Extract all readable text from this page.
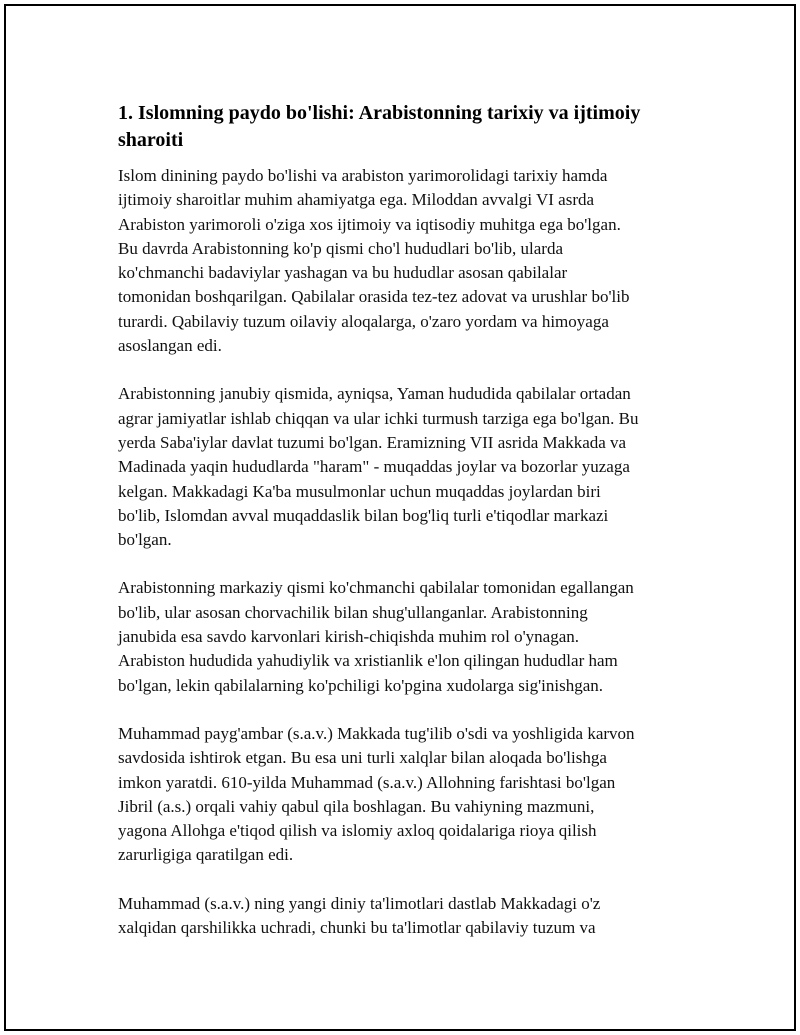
1. Islomning paydo bo'lishi: Arabistonning tarixiy va ijtimoiy
sharoiti

Islom dinining paydo bo'lishi va arabiston yarimorolidagi tarixiy hamda
ijtimoiy sharoitlar muhim ahamiyatga ega. Miloddan avvalgi VI asrda
Arabiston yarimoroli o'ziga xos ijtimoiy va iqtisodiy muhitga ega bo'lgan.
Bu davrda Arabistonning ko'p qismi cho'l hududlari bo'lib, ularda
ko'chmanchi badaviylar yashagan va bu hududlar asosan qabilalar
tomonidan boshqarilgan. Qabilalar orasida tez-tez adovat va urushlar bo'lib
turardi. Qabilaviy tuzum oilaviy aloqalarga, o'zaro yordam va himoyaga
asoslangan edi.

Arabistonning janubiy qismida, ayniqsa, Yaman hududida qabilalar ortadan
agrar jamiyatlar ishlab chiqqan va ular ichki turmush tarziga ega bo'lgan. Bu
yerda Saba'iylar davlat tuzumi bo'lgan. Eramizning VII asrida Makkada va
Madinada yaqin hududlarda "haram" - muqaddas joylar va bozorlar yuzaga
kelgan. Makkadagi Ka'ba musulmonlar uchun muqaddas joylardan biri
bo'lib, Islomdan avval muqaddaslik bilan bog'liq turli e'tiqodlar markazi
bo'lgan.

Arabistonning markaziy qismi ko'chmanchi qabilalar tomonidan egallangan
bo'lib, ular asosan chorvachilik bilan shug'ullanganlar. Arabistonning
janubida esa savdo karvonlari kirish-chiqishda muhim rol o'ynagan.
Arabiston hududida yahudiylik va xristianlik e'lon qilingan hududlar ham
bo'lgan, lekin qabilalarning ko'pchiligi ko'pgina xudolarga sig'inishgan.

Muhammad payg'ambar (s.a.v.) Makkada tug'ilib o'sdi va yoshligida karvon
savdosida ishtirok etgan. Bu esa uni turli xalqlar bilan aloqada bo'lishga
imkon yaratdi. 610-yilda Muhammad (s.a.v.) Allohning farishtasi bo'lgan
Jibril (a.s.) orqali vahiy qabul qila boshlagan. Bu vahiyning mazmuni,
yagona Allohga e'tiqod qilish va islomiy axloq qoidalariga rioya qilish
zarurligiga qaratilgan edi.

Muhammad (s.a.v.) ning yangi diniy ta'limotlari dastlab Makkadagi o'z
xalqidan qarshilikka uchradi, chunki bu ta'limotlar qabilaviy tuzum va
